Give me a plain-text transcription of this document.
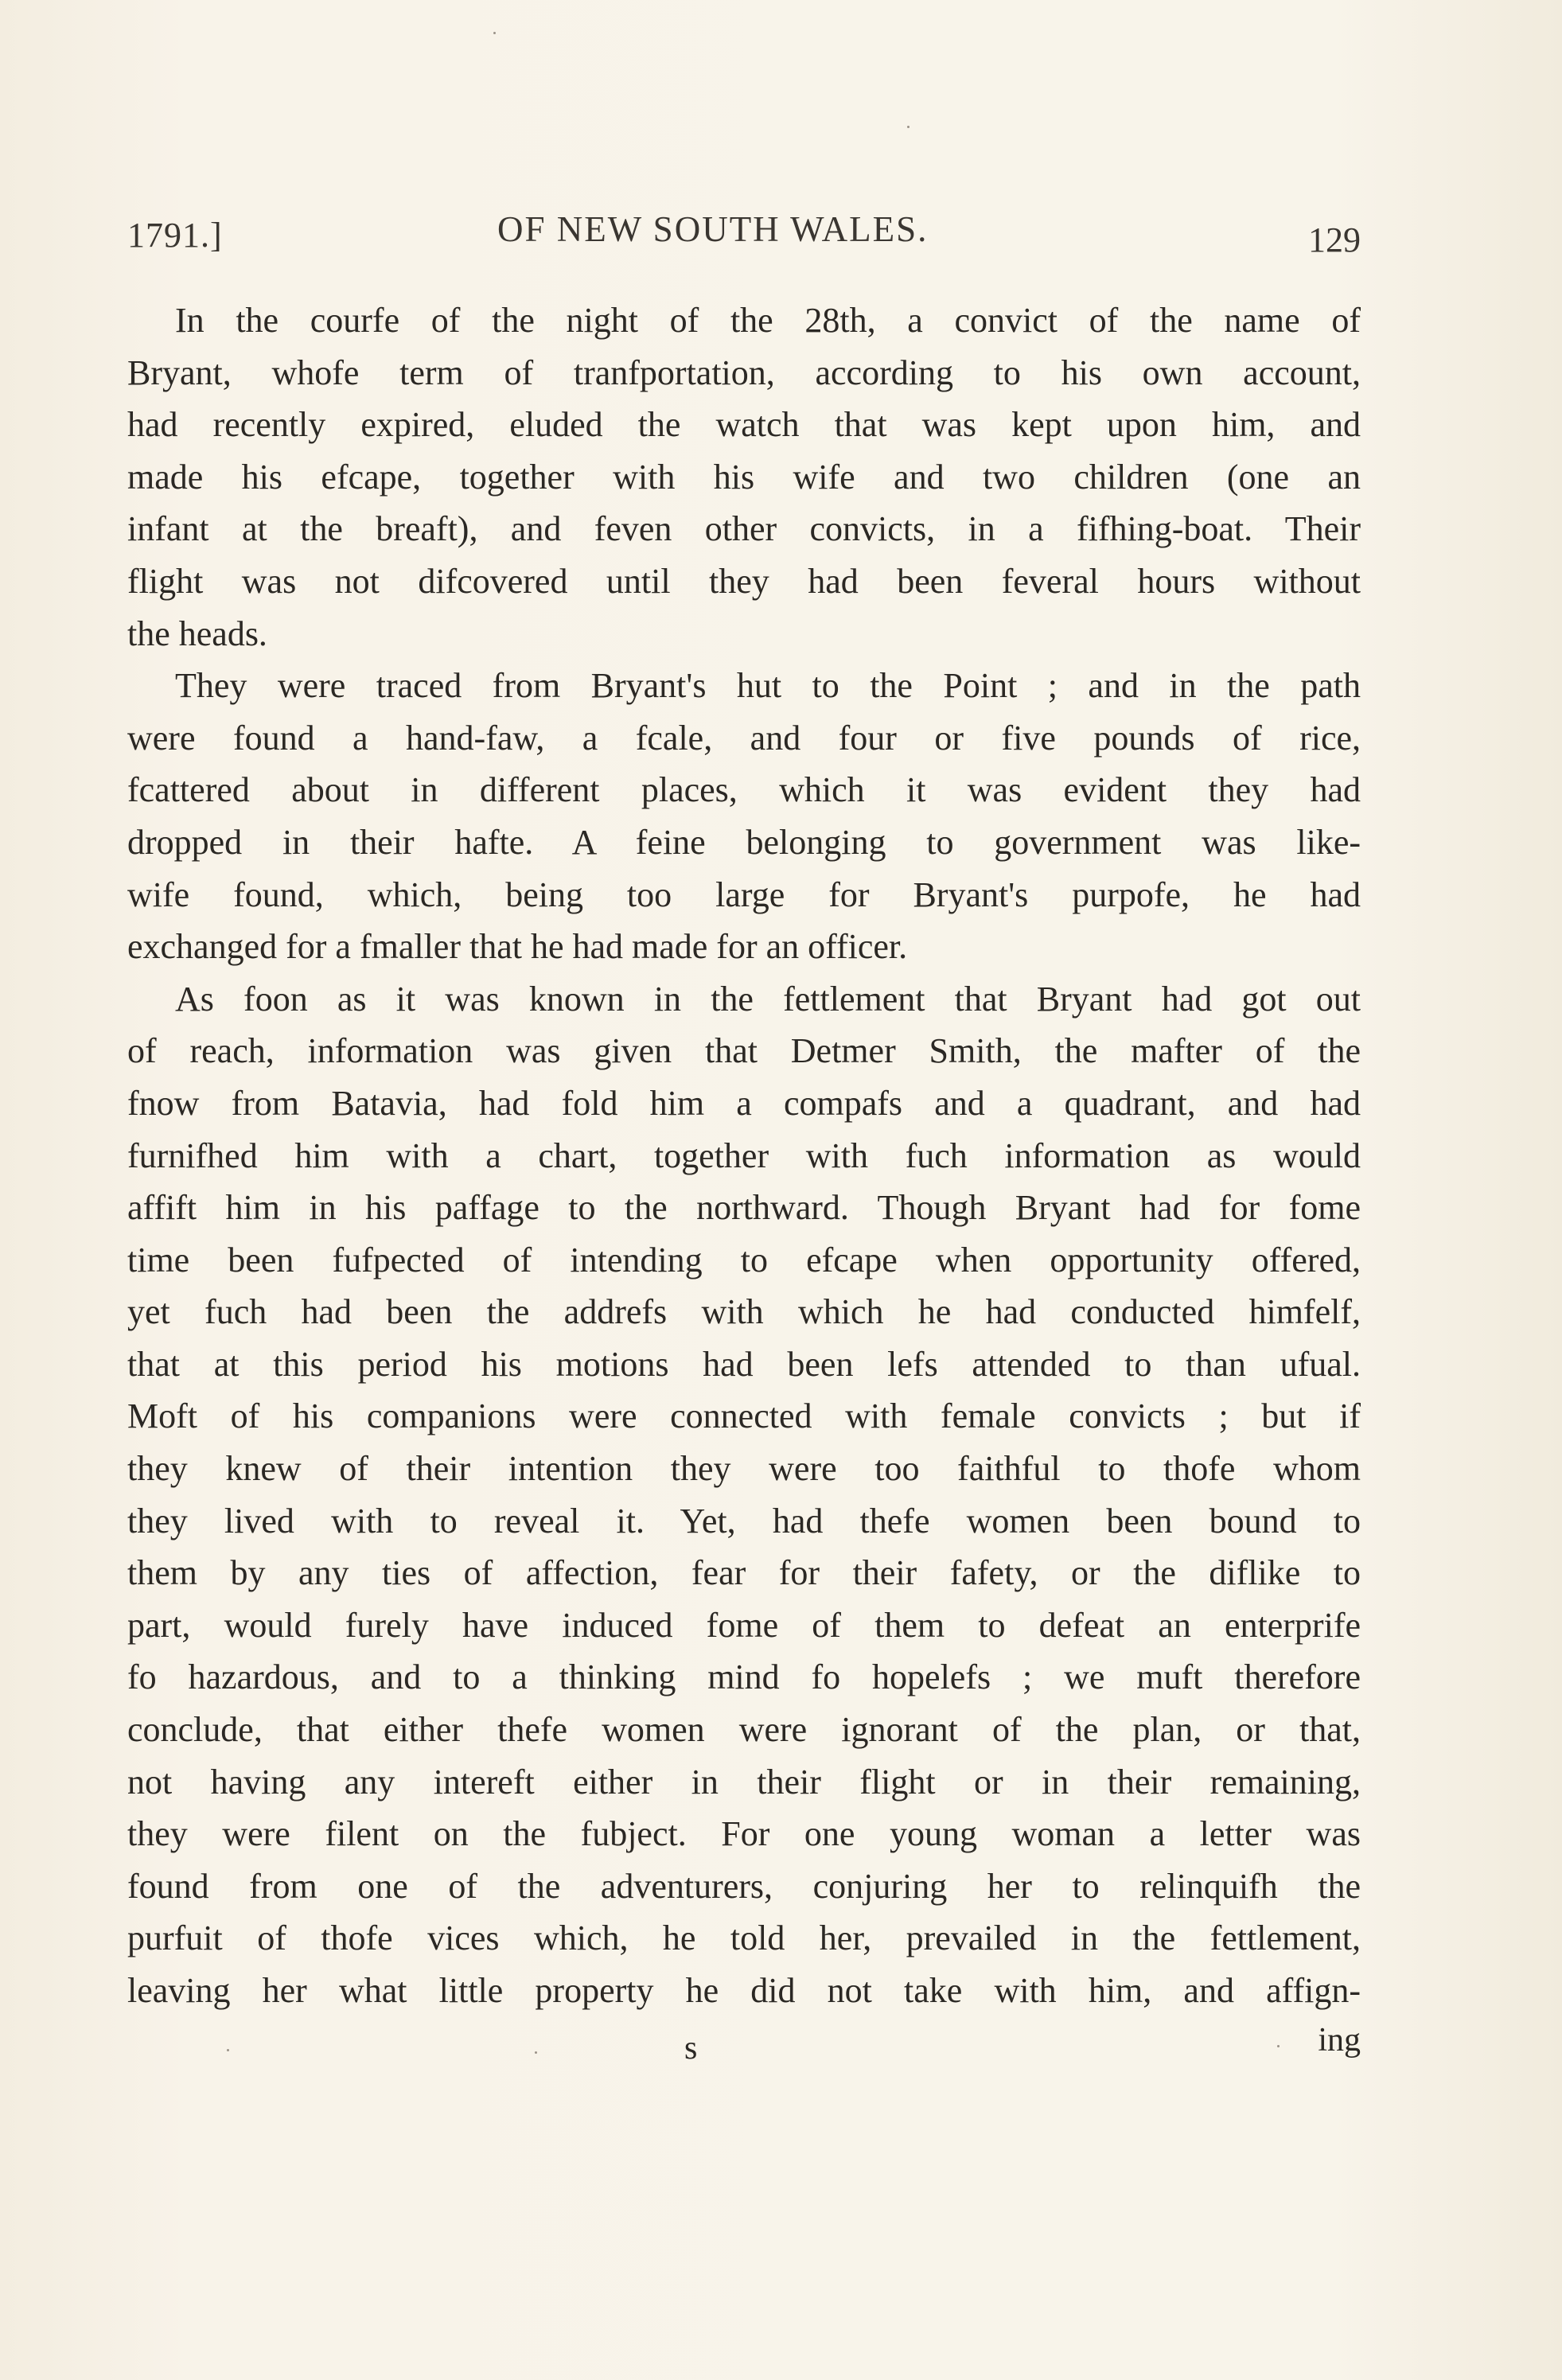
1791.]	OF NEW SOUTH WALES.	129
In the courfe of the night of the 28th, a convict of the name of
Bryant, whofe term of tranfportation, according to his own account,
had recently expired, eluded the watch that was kept upon him, and
made his efcape, together with his wife and two children (one an
infant at the breaft), and feven other convicts, in a fifhing-boat. Their
flight was not difcovered until they had been feveral hours without
the heads.
They were traced from Bryant's hut to the Point ; and in the path
were found a hand-faw, a fcale, and four or five pounds of rice,
fcattered about in different places, which it was evident they had
dropped in their hafte. A feine belonging to government was like-
wife found, which, being too large for Bryant's purpofe, he had
exchanged for a fmaller that he had made for an officer.
As foon as it was known in the fettlement that Bryant had got out
of reach, information was given that Detmer Smith, the mafter of the
fnow from Batavia, had fold him a compafs and a quadrant, and had
furnifhed him with a chart, together with fuch information as would
affift him in his paffage to the northward. Though Bryant had for fome
time been fufpected of intending to efcape when opportunity offered,
yet fuch had been the addrefs with which he had conducted himfelf,
that at this period his motions had been lefs attended to than ufual.
Moft of his companions were connected with female convicts ; but if
they knew of their intention they were too faithful to thofe whom
they lived with to reveal it. Yet, had thefe women been bound to
them by any ties of affection, fear for their fafety, or the diflike to
part, would furely have induced fome of them to defeat an enterprife
fo hazardous, and to a thinking mind fo hopelefs ; we muft therefore
conclude, that either thefe women were ignorant of the plan, or that,
not having any intereft either in their flight or in their remaining,
they were filent on the fubject. For one young woman a letter was
found from one of the adventurers, conjuring her to relinquifh the
purfuit of thofe vices which, he told her, prevailed in the fettlement,
leaving her what little property he did not take with him, and affign-
s	ing
